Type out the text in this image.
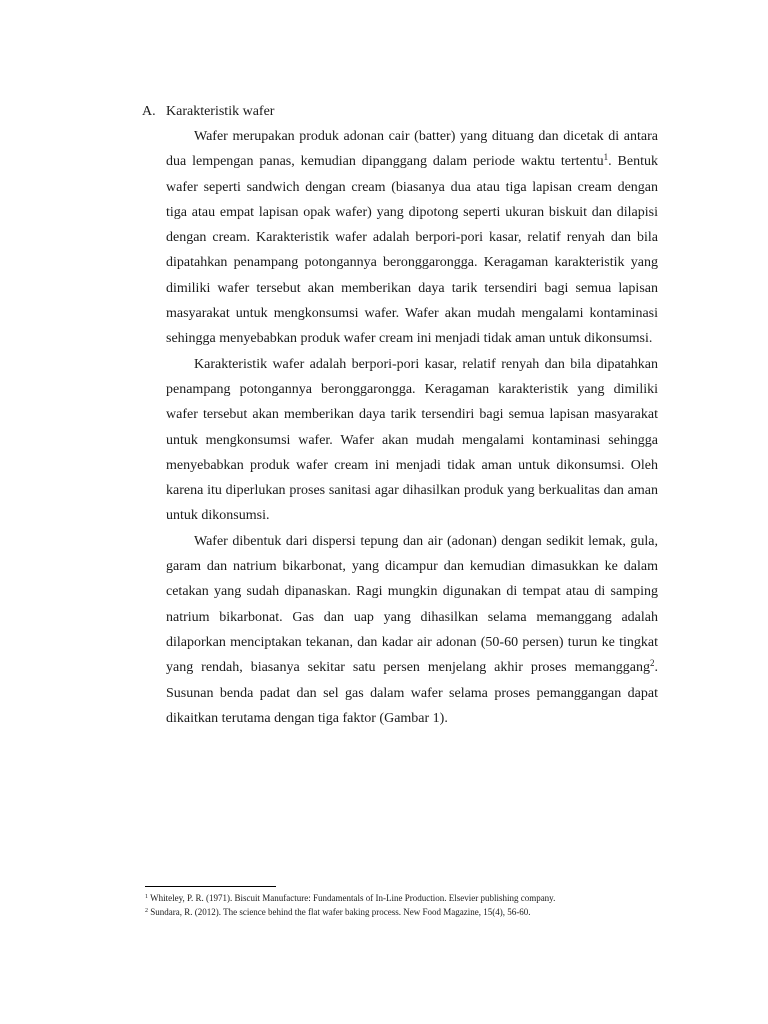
A. Karakteristik wafer

Wafer merupakan produk adonan cair (batter) yang dituang dan dicetak di antara dua lempengan panas, kemudian dipanggang dalam periode waktu tertentu$^1$. Bentuk wafer seperti sandwich dengan cream (biasanya dua atau tiga lapisan cream dengan tiga atau empat lapisan opak wafer) yang dipotong seperti ukuran biskuit dan dilapisi dengan cream. Karakteristik wafer adalah berpori-pori kasar, relatif renyah dan bila dipatahkan penampang potongannya beronggarongga. Keragaman karakteristik yang dimiliki wafer tersebut akan memberikan daya tarik tersendiri bagi semua lapisan masyarakat untuk mengkonsumsi wafer. Wafer akan mudah mengalami kontaminasi sehingga menyebabkan produk wafer cream ini menjadi tidak aman untuk dikonsumsi.

Karakteristik wafer adalah berpori-pori kasar, relatif renyah dan bila dipatahkan penampang potongannya beronggarongga. Keragaman karakteristik yang dimiliki wafer tersebut akan memberikan daya tarik tersendiri bagi semua lapisan masyarakat untuk mengkonsumsi wafer. Wafer akan mudah mengalami kontaminasi sehingga menyebabkan produk wafer cream ini menjadi tidak aman untuk dikonsumsi. Oleh karena itu diperlukan proses sanitasi agar dihasilkan produk yang berkualitas dan aman untuk dikonsumsi.

Wafer dibentuk dari dispersi tepung dan air (adonan) dengan sedikit lemak, gula, garam dan natrium bikarbonat, yang dicampur dan kemudian dimasukkan ke dalam cetakan yang sudah dipanaskan. Ragi mungkin digunakan di tempat atau di samping natrium bikarbonat. Gas dan uap yang dihasilkan selama memanggang adalah dilaporkan menciptakan tekanan, dan kadar air adonan (50-60 persen) turun ke tingkat yang rendah, biasanya sekitar satu persen menjelang akhir proses memanggang$^2$. Susunan benda padat dan sel gas dalam wafer selama proses pemanggangan dapat dikaitkan terutama dengan tiga faktor (Gambar 1).

$^1$ Whiteley, P. R. (1971). Biscuit Manufacture: Fundamentals of In-Line Production. Elsevier publishing company.
$^2$ Sundara, R. (2012). The science behind the flat wafer baking process. New Food Magazine, 15(4), 56-60.
